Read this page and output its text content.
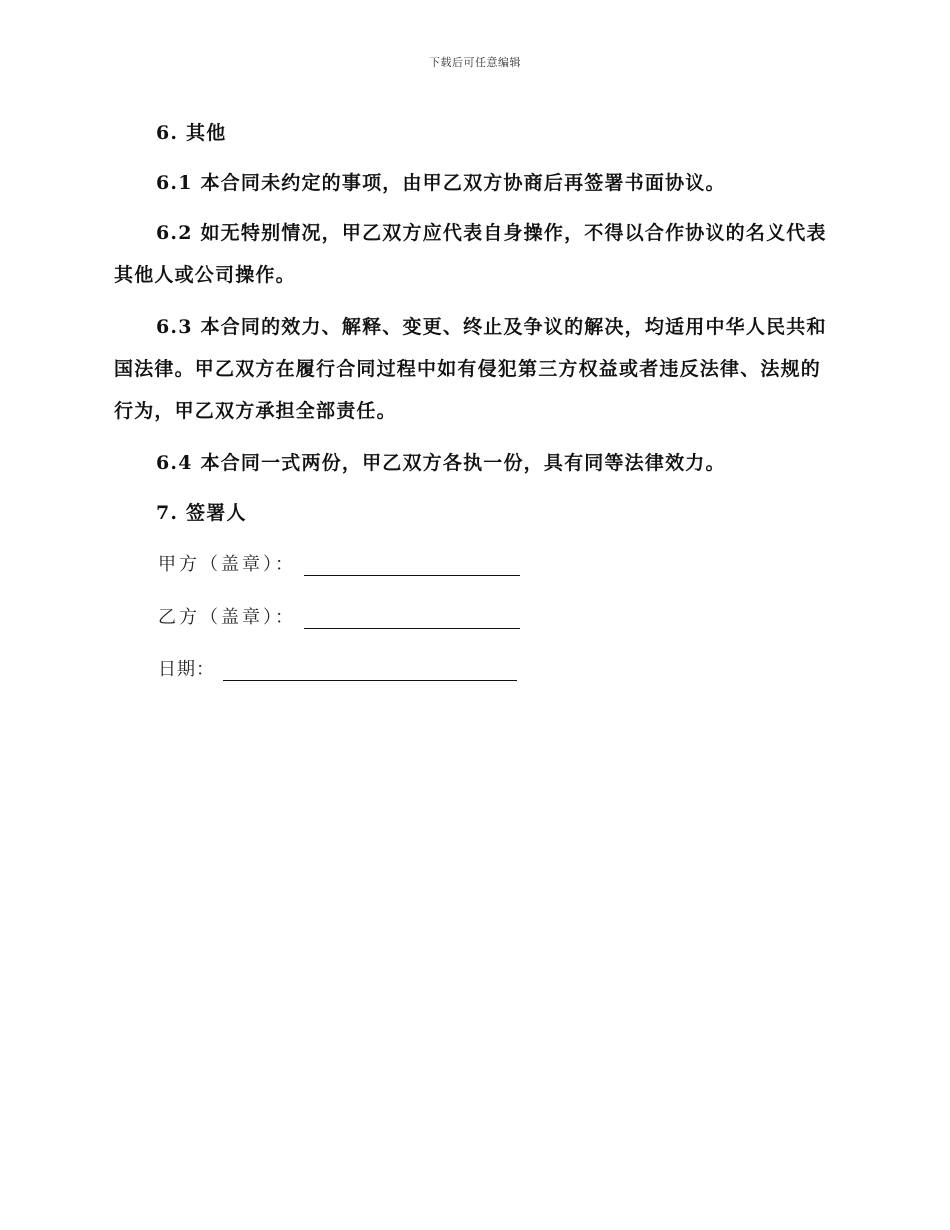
下载后可任意编辑

6. 其他

6.1 本合同未约定的事项，由甲乙双方协商后再签署书面协议。

6.2 如无特别情况，甲乙双方应代表自身操作，不得以合作协议的名义代表其他人或公司操作。

6.3 本合同的效力、解释、变更、终止及争议的解决，均适用中华人民共和国法律。甲乙双方在履行合同过程中如有侵犯第三方权益或者违反法律、法规的行为，甲乙双方承担全部责任。

6.4 本合同一式两份，甲乙双方各执一份，具有同等法律效力。

7. 签署人

甲方（盖章）：
乙方（盖章）：
日期：
